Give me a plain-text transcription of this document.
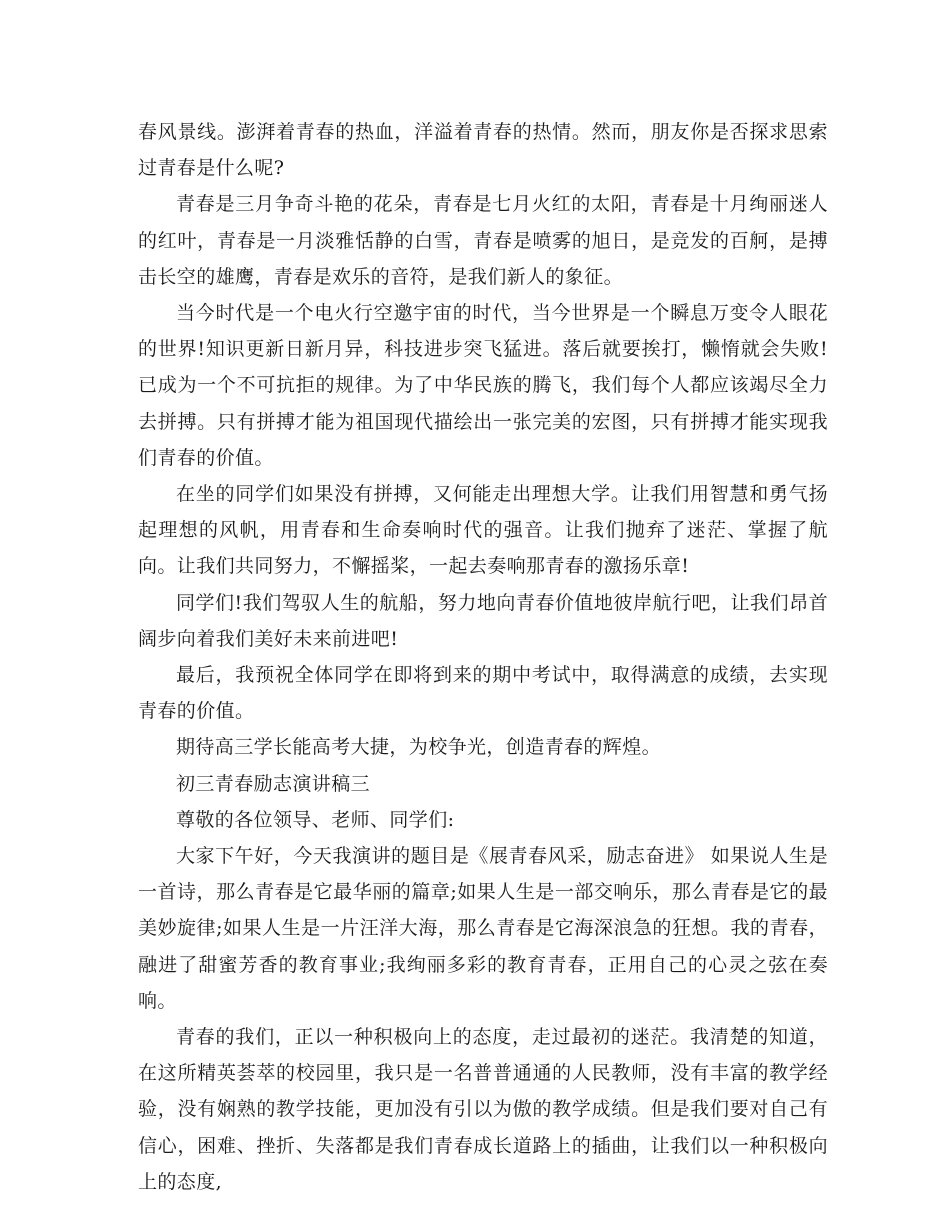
春风景线。澎湃着青春的热血，洋溢着青春的热情。然而，朋友你是否探求思索过青春是什么呢?

青春是三月争奇斗艳的花朵，青春是七月火红的太阳，青春是十月绚丽迷人的红叶，青春是一月淡雅恬静的白雪，青春是喷雾的旭日，是竞发的百舸，是搏击长空的雄鹰，青春是欢乐的音符，是我们新人的象征。

当今时代是一个电火行空邀宇宙的时代，当今世界是一个瞬息万变令人眼花的世界!知识更新日新月异，科技进步突飞猛进。落后就要挨打，懒惰就会失败!已成为一个不可抗拒的规律。为了中华民族的腾飞，我们每个人都应该竭尽全力去拼搏。只有拼搏才能为祖国现代描绘出一张完美的宏图，只有拼搏才能实现我们青春的价值。

在坐的同学们如果没有拼搏，又何能走出理想大学。让我们用智慧和勇气扬起理想的风帆，用青春和生命奏响时代的强音。让我们抛弃了迷茫、掌握了航向。让我们共同努力，不懈摇桨，一起去奏响那青春的激扬乐章!

同学们!我们驾驭人生的航船，努力地向青春价值地彼岸航行吧，让我们昂首阔步向着我们美好未来前进吧!

最后，我预祝全体同学在即将到来的期中考试中，取得满意的成绩，去实现青春的价值。

期待高三学长能高考大捷，为校争光，创造青春的辉煌。

初三青春励志演讲稿三

尊敬的各位领导、老师、同学们:

大家下午好，今天我演讲的题目是《展青春风采，励志奋进》 如果说人生是一首诗，那么青春是它最华丽的篇章;如果人生是一部交响乐，那么青春是它的最美妙旋律;如果人生是一片汪洋大海，那么青春是它海深浪急的狂想。我的青春，融进了甜蜜芳香的教育事业;我绚丽多彩的教育青春，正用自己的心灵之弦在奏响。

青春的我们，正以一种积极向上的态度，走过最初的迷茫。我清楚的知道，在这所精英荟萃的校园里，我只是一名普普通通的人民教师，没有丰富的教学经验，没有娴熟的教学技能，更加没有引以为傲的教学成绩。但是我们要对自己有信心，困难、挫折、失落都是我们青春成长道路上的插曲，让我们以一种积极向上的态度,
